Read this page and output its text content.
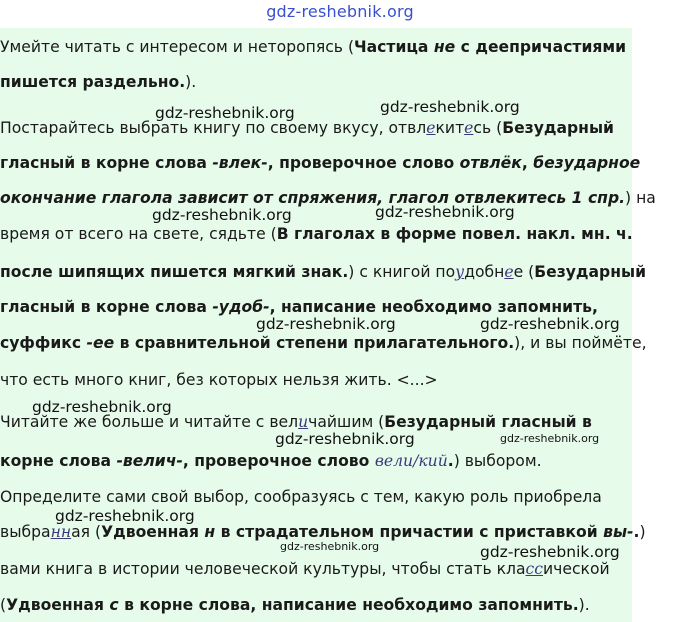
gdz-reshebnik.org
Умейте читать с интересом и неторопясь (Частица не с деепричастиями
пишется раздельно.).
Постарайтесь выбрать книгу по своему вкусу, отвлекитесь (Безударный
гласный в корне слова -влек-, проверочное слово отвлёк, безударное
окончание глагола зависит от спряжения, глагол отвлекитесь 1 спр.) на
время от всего на свете, сядьте (В глаголах в форме повел. накл. мн. ч.
после шипящих пишется мягкий знак.) с книгой поудобнее (Безударный
гласный в корне слова -удоб-, написание необходимо запомнить,
суффикс -ее в сравнительной степени прилагательного.), и вы поймёте,
что есть много книг, без которых нельзя жить. <...>
Читайте же больше и читайте с величайшим (Безударный гласный в
корне слова -велич-, проверочное слово вели/кий.) выбором.
Определите сами свой выбор, сообразуясь с тем, какую роль приобрела
выбранная (Удвоенная н в страдательном причастии с приставкой вы-.)
вами книга в истории человеческой культуры, чтобы стать классической
(Удвоенная с в корне слова, написание необходимо запомнить.).
gdz-reshebnik.org	gdz-reshebnik.org
gdz-reshebnik.org	gdz-reshebnik.org
gdz-reshebnik.org	gdz-reshebnik.org
gdz-reshebnik.org
gdz-reshebnik.org	gdz-reshebnik.org
gdz-reshebnik.org
gdz-reshebnik.org	gdz-reshebnik.org
